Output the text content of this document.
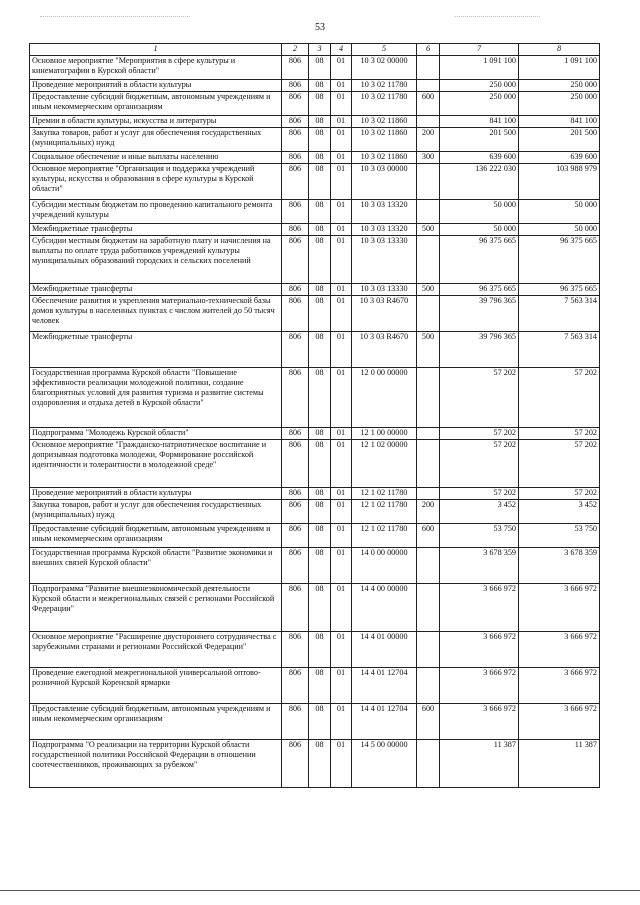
53
1	2	3	4	5	6	7	8
Основное мероприятие "Мероприятия в сфере культуры и кинематографии в Курской области"	806	08	01	10 3 02 00000		1 091 100	1 091 100
Проведение мероприятий в области культуры	806	08	01	10 3 02 11780		250 000	250 000
Предоставление субсидий бюджетным, автономным учреждениям и иным некоммерческим организациям	806	08	01	10 3 02 11780	600	250 000	250 000
Премии в области культуры, искусства и литературы	806	08	01	10 3 02 11860		841 100	841 100
Закупка товаров, работ и услуг для обеспечения государственных (муниципальных) нужд	806	08	01	10 3 02 11860	200	201 500	201 500
Социальное обеспечение и иные выплаты населению	806	08	01	10 3 02 11860	300	639 600	639 600
Основное мероприятие "Организация и поддержка учреждений культуры, искусства и образования в сфере культуры в Курской области"	806	08	01	10 3 03 00000		136 222 030	103 988 979
Субсидии местным бюджетам по проведению капитального ремонта учреждений культуры	806	08	01	10 3 03 13320		50 000	50 000
Межбюджетные трансферты	806	08	01	10 3 03 13320	500	50 000	50 000
Субсидии местным бюджетам на заработную плату и начисления на выплаты по оплате труда работников учреждений культуры муниципальных образований городских и сельских поселений	806	08	01	10 3 03 13330		96 375 665	96 375 665
Межбюджетные трансферты	806	08	01	10 3 03 13330	500	96 375 665	96 375 665
Обеспечение развития и укрепления материально-технической базы домов культуры в населенных пунктах с числом жителей до 50 тысяч человек	806	08	01	10 3 03 R4670		39 796 365	7 563 314
Межбюджетные трансферты	806	08	01	10 3 03 R4670	500	39 796 365	7 563 314
Государственная программа Курской области "Повышение эффективности реализации молодежной политики, создание благоприятных условий для развития туризма и развитие системы оздоровления и отдыха детей в Курской области"	806	08	01	12 0 00 00000		57 202	57 202
Подпрограмма "Молодежь Курской области"	806	08	01	12 1 00 00000		57 202	57 202
Основное мероприятие "Гражданско-патриотическое воспитание и допризывная подготовка молодежи, Формирование российской идентичности и толерантности в молодежной среде"	806	08	01	12 1 02 00000		57 202	57 202
Проведение мероприятий в области культуры	806	08	01	12 1 02 11780		57 202	57 202
Закупка товаров, работ и услуг для обеспечения государственных (муниципальных) нужд	806	08	01	12 1 02 11780	200	3 452	3 452
Предоставление субсидий бюджетным, автономным учреждениям и иным некоммерческим организациям	806	08	01	12 1 02 11780	600	53 750	53 750
Государственная программа Курской области "Развитие экономики и внешних связей Курской области"	806	08	01	14 0 00 00000		3 678 359	3 678 359
Подпрограмма "Развитие внешнеэкономической деятельности Курской области и межрегиональных связей с регионами Российской Федерации"	806	08	01	14 4 00 00000		3 666 972	3 666 972
Основное мероприятие "Расширение двустороннего сотрудничества с зарубежными странами и регионами Российской Федерации"	806	08	01	14 4 01 00000		3 666 972	3 666 972
Проведение ежегодной межрегиональной универсальной оптово-розничной Курской Коренской ярмарки	806	08	01	14 4 01 12704		3 666 972	3 666 972
Предоставление субсидий бюджетным, автономным учреждениям и иным некоммерческим организациям	806	08	01	14 4 01 12704	600	3 666 972	3 666 972
Подпрограмма "О реализации на территории Курской области государственной политики Российской Федерации в отношении соотечественников, проживающих за рубежом"	806	08	01	14 5 00 00000		11 387	11 387
